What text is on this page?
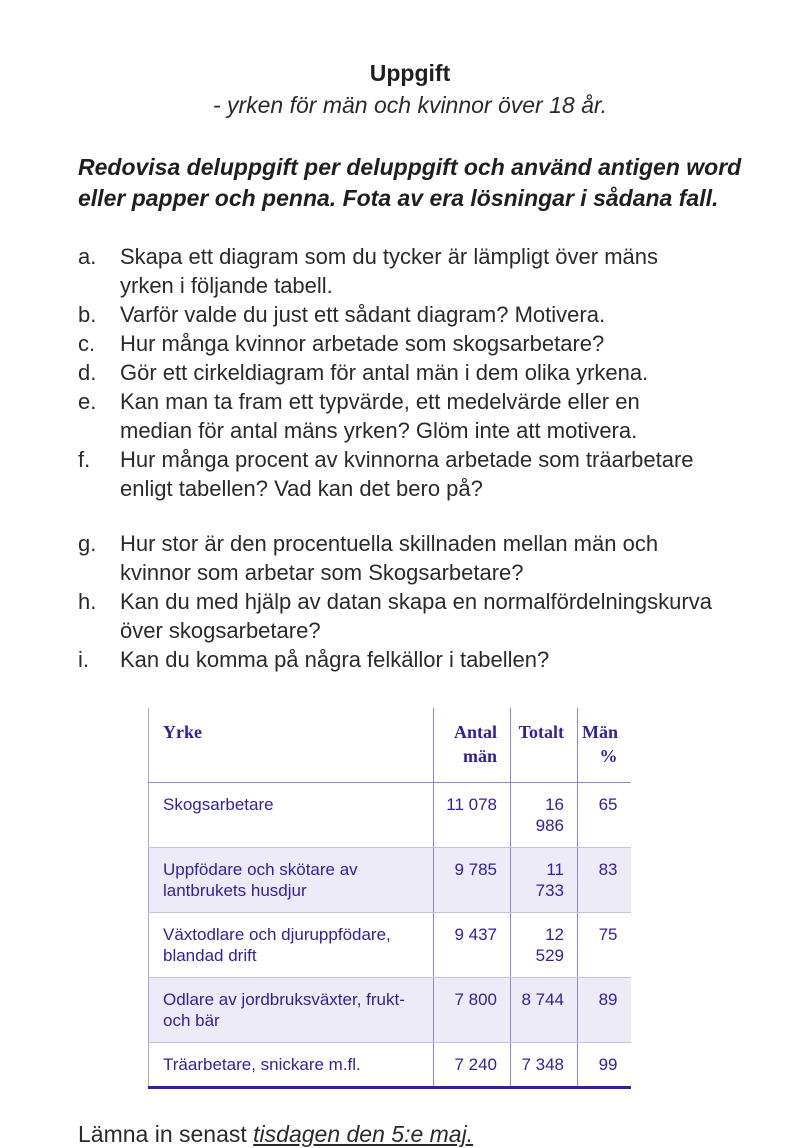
Uppgift
- yrken för män och kvinnor över 18 år.

Redovisa deluppgift per deluppgift och använd antigen word eller papper och penna. Fota av era lösningar i sådana fall.

a.	Skapa ett diagram som du tycker är lämpligt över mäns yrken i följande tabell.
b.	Varför valde du just ett sådant diagram? Motivera.
c.	Hur många kvinnor arbetade som skogsarbetare?
d.	Gör ett cirkeldiagram för antal män i dem olika yrkena.
e.	Kan man ta fram ett typvärde, ett medelvärde eller en median för antal mäns yrken? Glöm inte att motivera.
f.	Hur många procent av kvinnorna arbetade som träarbetare enligt tabellen? Vad kan det bero på?
g.	Hur stor är den procentuella skillnaden mellan män och kvinnor som arbetar som Skogsarbetare?
h.	Kan du med hjälp av datan skapa en normalfördelningskurva över skogsarbetare?
i.	Kan du komma på några felkällor i tabellen?
Yrke	Antal män	Totalt	Män %
Skogsarbetare	11 078	16 986	65
Uppfödare och skötare av lantbrukets husdjur	9 785	11 733	83
Växtodlare och djuruppfödare, blandad drift	9 437	12 529	75
Odlare av jordbruksväxter, frukt- och bär	7 800	8 744	89
Träarbetare, snickare m.fl.	7 240	7 348	99

Lämna in senast tisdagen den 5:e maj.
